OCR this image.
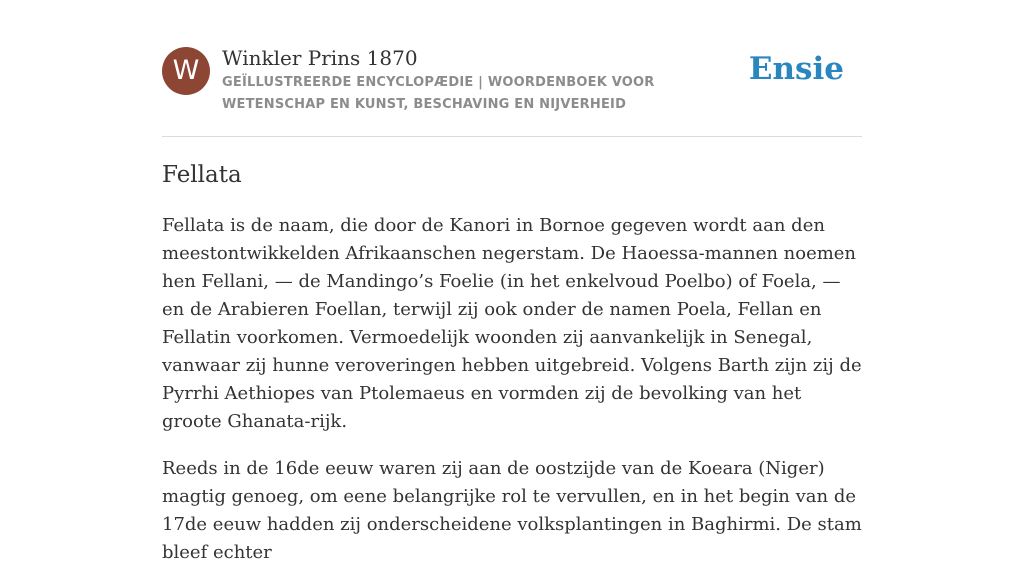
W	Winkler Prins 1870
GEÏLLUSTREERDE ENCYCLOPÆDIE | WOORDENBOEK VOOR WETENSCHAP EN KUNST, BESCHAVING EN NIJVERHEID
Ensie
Fellata

Fellata is de naam, die door de Kanori in Bornoe gegeven wordt aan den meestontwikkelden Afrikaanschen negerstam. De Haoessa-mannen noemen hen Fellani, — de Mandingo’s Foelie (in het enkelvoud Poelbo) of Foela, — en de Arabieren Foellan, terwijl zij ook onder de namen Poela, Fellan en Fellatin voorkomen. Vermoedelijk woonden zij aanvankelijk in Senegal, vanwaar zij hunne veroveringen hebben uitgebreid. Volgens Barth zijn zij de Pyrrhi Aethiopes van Ptolemaeus en vormden zij de bevolking van het groote Ghanata-rijk.

Reeds in de 16de eeuw waren zij aan de oostzijde van de Koeara (Niger) magtig genoeg, om eene belangrijke rol te vervullen, en in het begin van de 17de eeuw hadden zij onderscheidene volksplantingen in Baghirmi. De stam bleef echter
